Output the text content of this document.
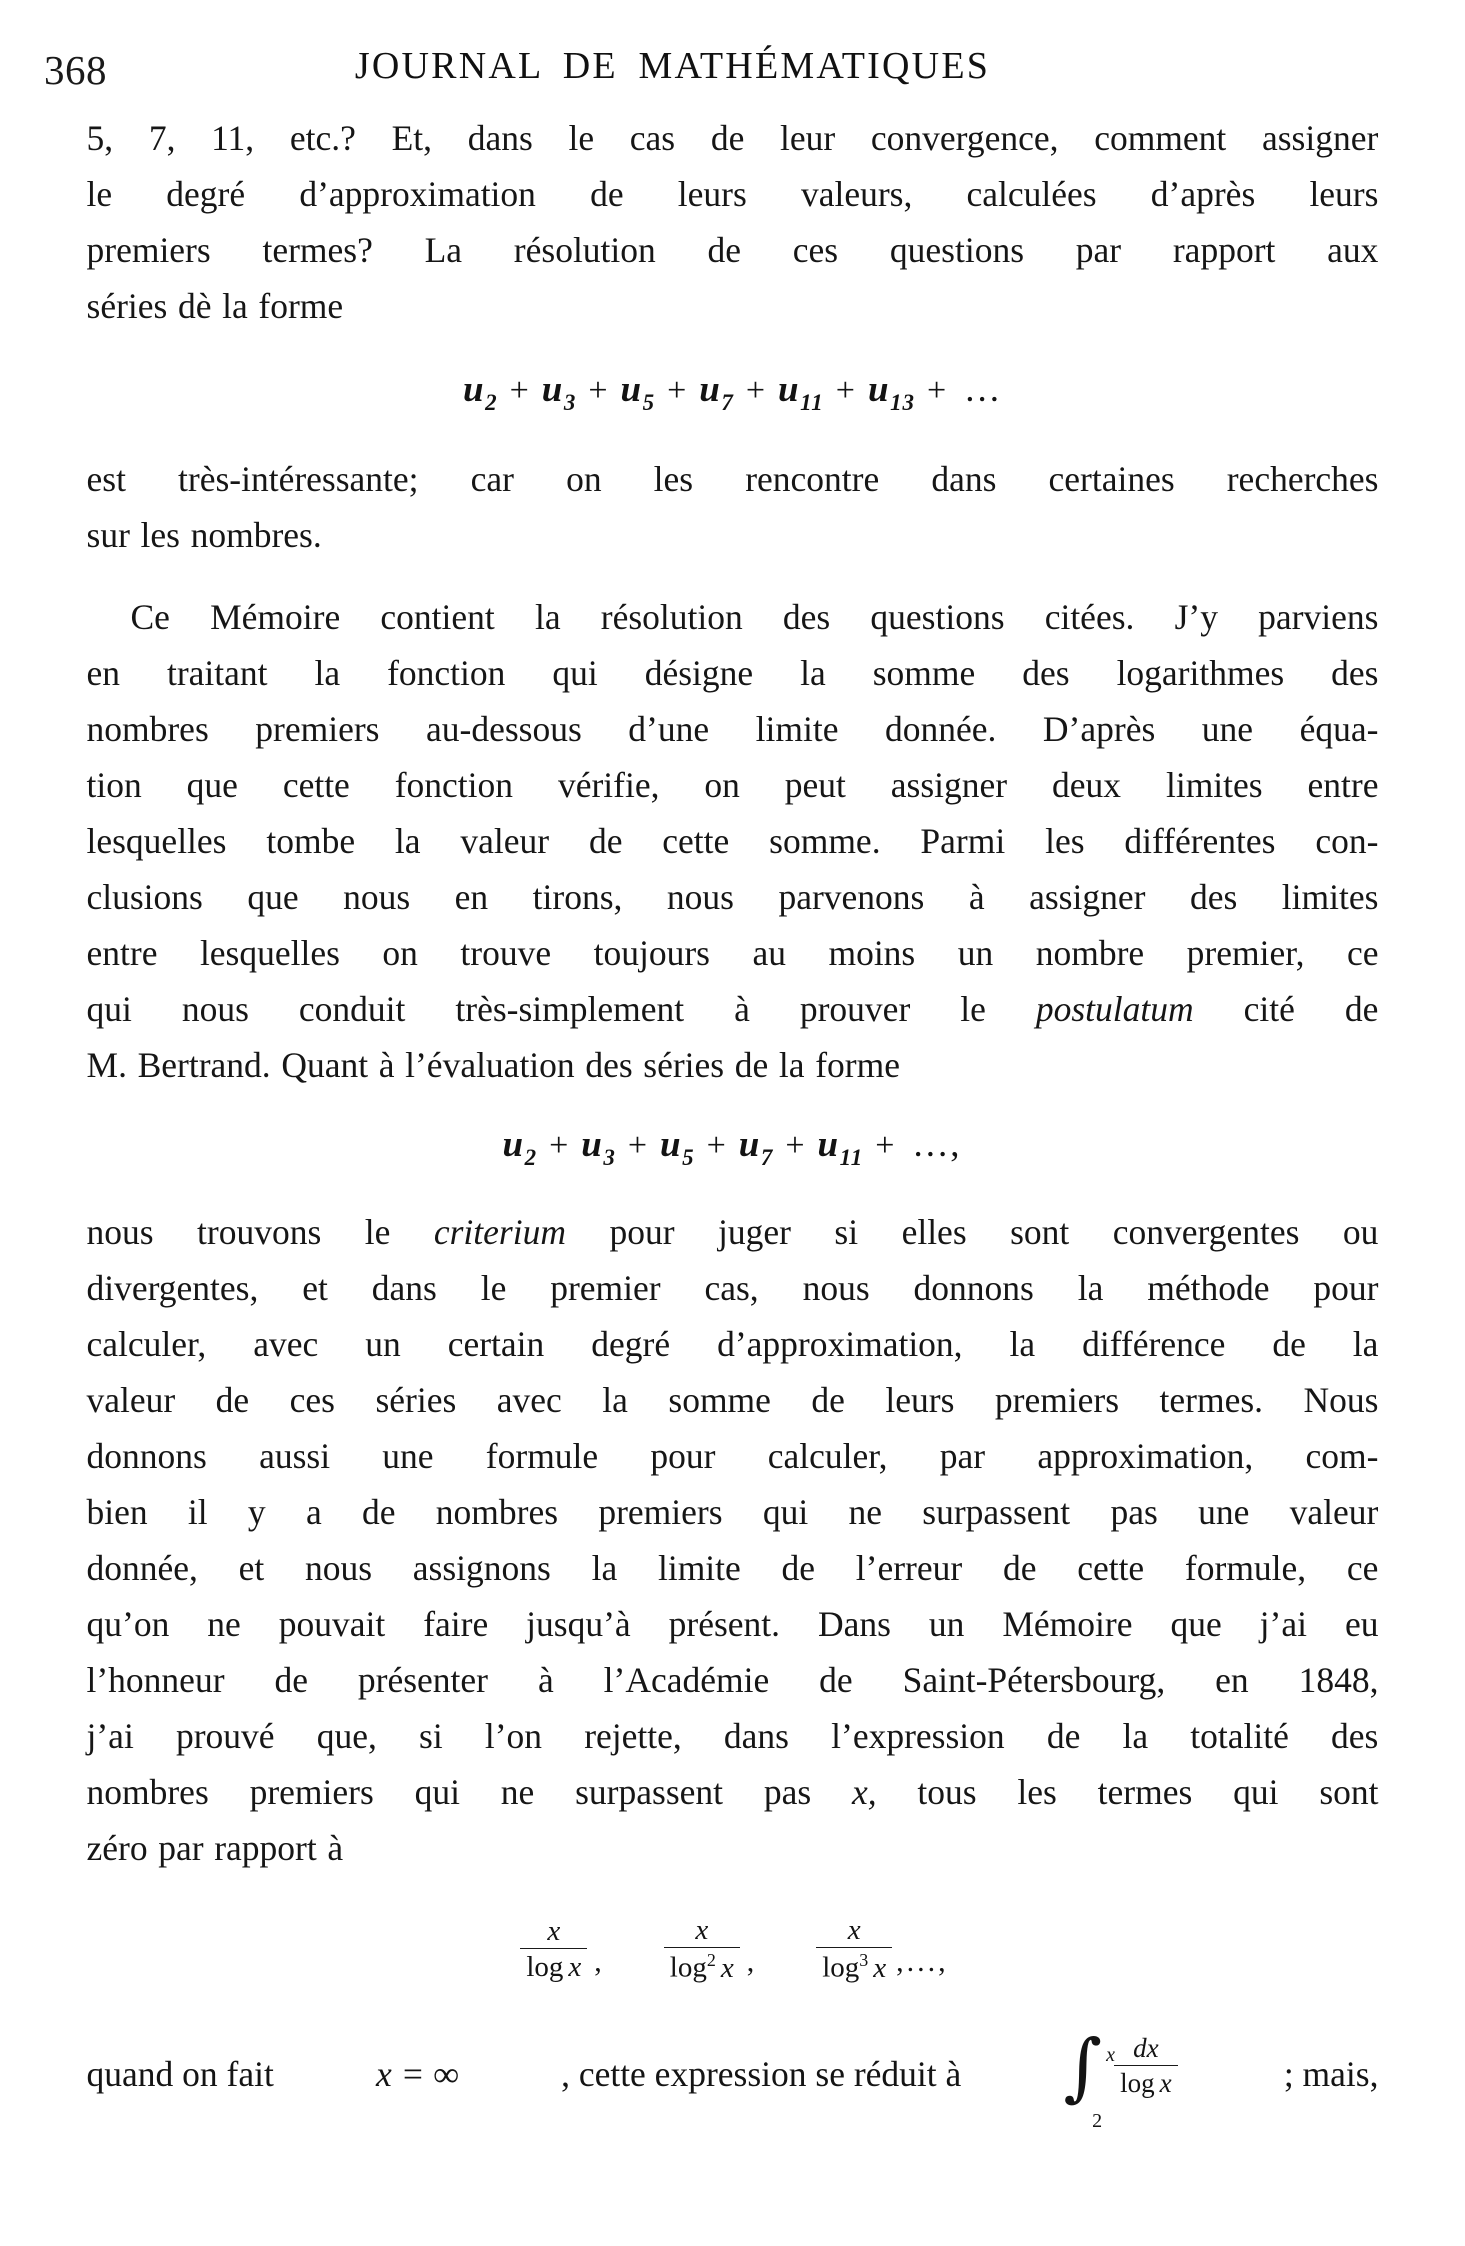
368	JOURNAL DE MATHÉMATIQUES
5, 7, 11, etc.? Et, dans le cas de leur convergence, comment assigner
le degré d’approximation de leurs valeurs, calculées d’après leurs
premiers termes? La résolution de ces questions par rapport aux
séries dè la forme
u 2 + u 3 + u 5 + u 7 + u 11 + u 13 + ...
est très-intéressante; car on les rencontre dans certaines recherches
sur les nombres.
Ce Mémoire contient la résolution des questions citées. J’y parviens
en traitant la fonction qui désigne la somme des logarithmes des
nombres premiers au-dessous d’une limite donnée. D’après une équa-
tion que cette fonction vérifie, on peut assigner deux limites entre
lesquelles tombe la valeur de cette somme. Parmi les différentes con-
clusions que nous en tirons, nous parvenons à assigner des limites
entre lesquelles on trouve toujours au moins un nombre premier, ce
qui nous conduit très-simplement à prouver le postulatum cité de
M. Bertrand. Quant à l’évaluation des séries de la forme
u 2 + u 3 + u 5 + u 7 + u 11 + ...,
nous trouvons le criterium pour juger si elles sont convergentes ou
divergentes, et dans le premier cas, nous donnons la méthode pour
calculer, avec un certain degré d’approximation, la différence de la
valeur de ces séries avec la somme de leurs premiers termes. Nous
donnons aussi une formule pour calculer, par approximation, com-
bien il y a de nombres premiers qui ne surpassent pas une valeur
donnée, et nous assignons la limite de l’erreur de cette formule, ce
qu’on ne pouvait faire jusqu’à présent. Dans un Mémoire que j’ai eu
l’honneur de présenter à l’Académie de Saint-Pétersbourg, en 1848,
j’ai prouvé que, si l’on rejette, dans l’expression de la totalité des
nombres premiers qui ne surpassent pas x, tous les termes qui sont
zéro par rapport à
$\frac{x}{\text{log x}}$ , $\frac{x}{\log^2 x}$ , $\frac{x}{\log^3 x}$ ,...,
quand on fait	x = ∞	, cette expression se réduit à ∫ x
2
$\frac{dx}{\text{log x}}$	; mais,
